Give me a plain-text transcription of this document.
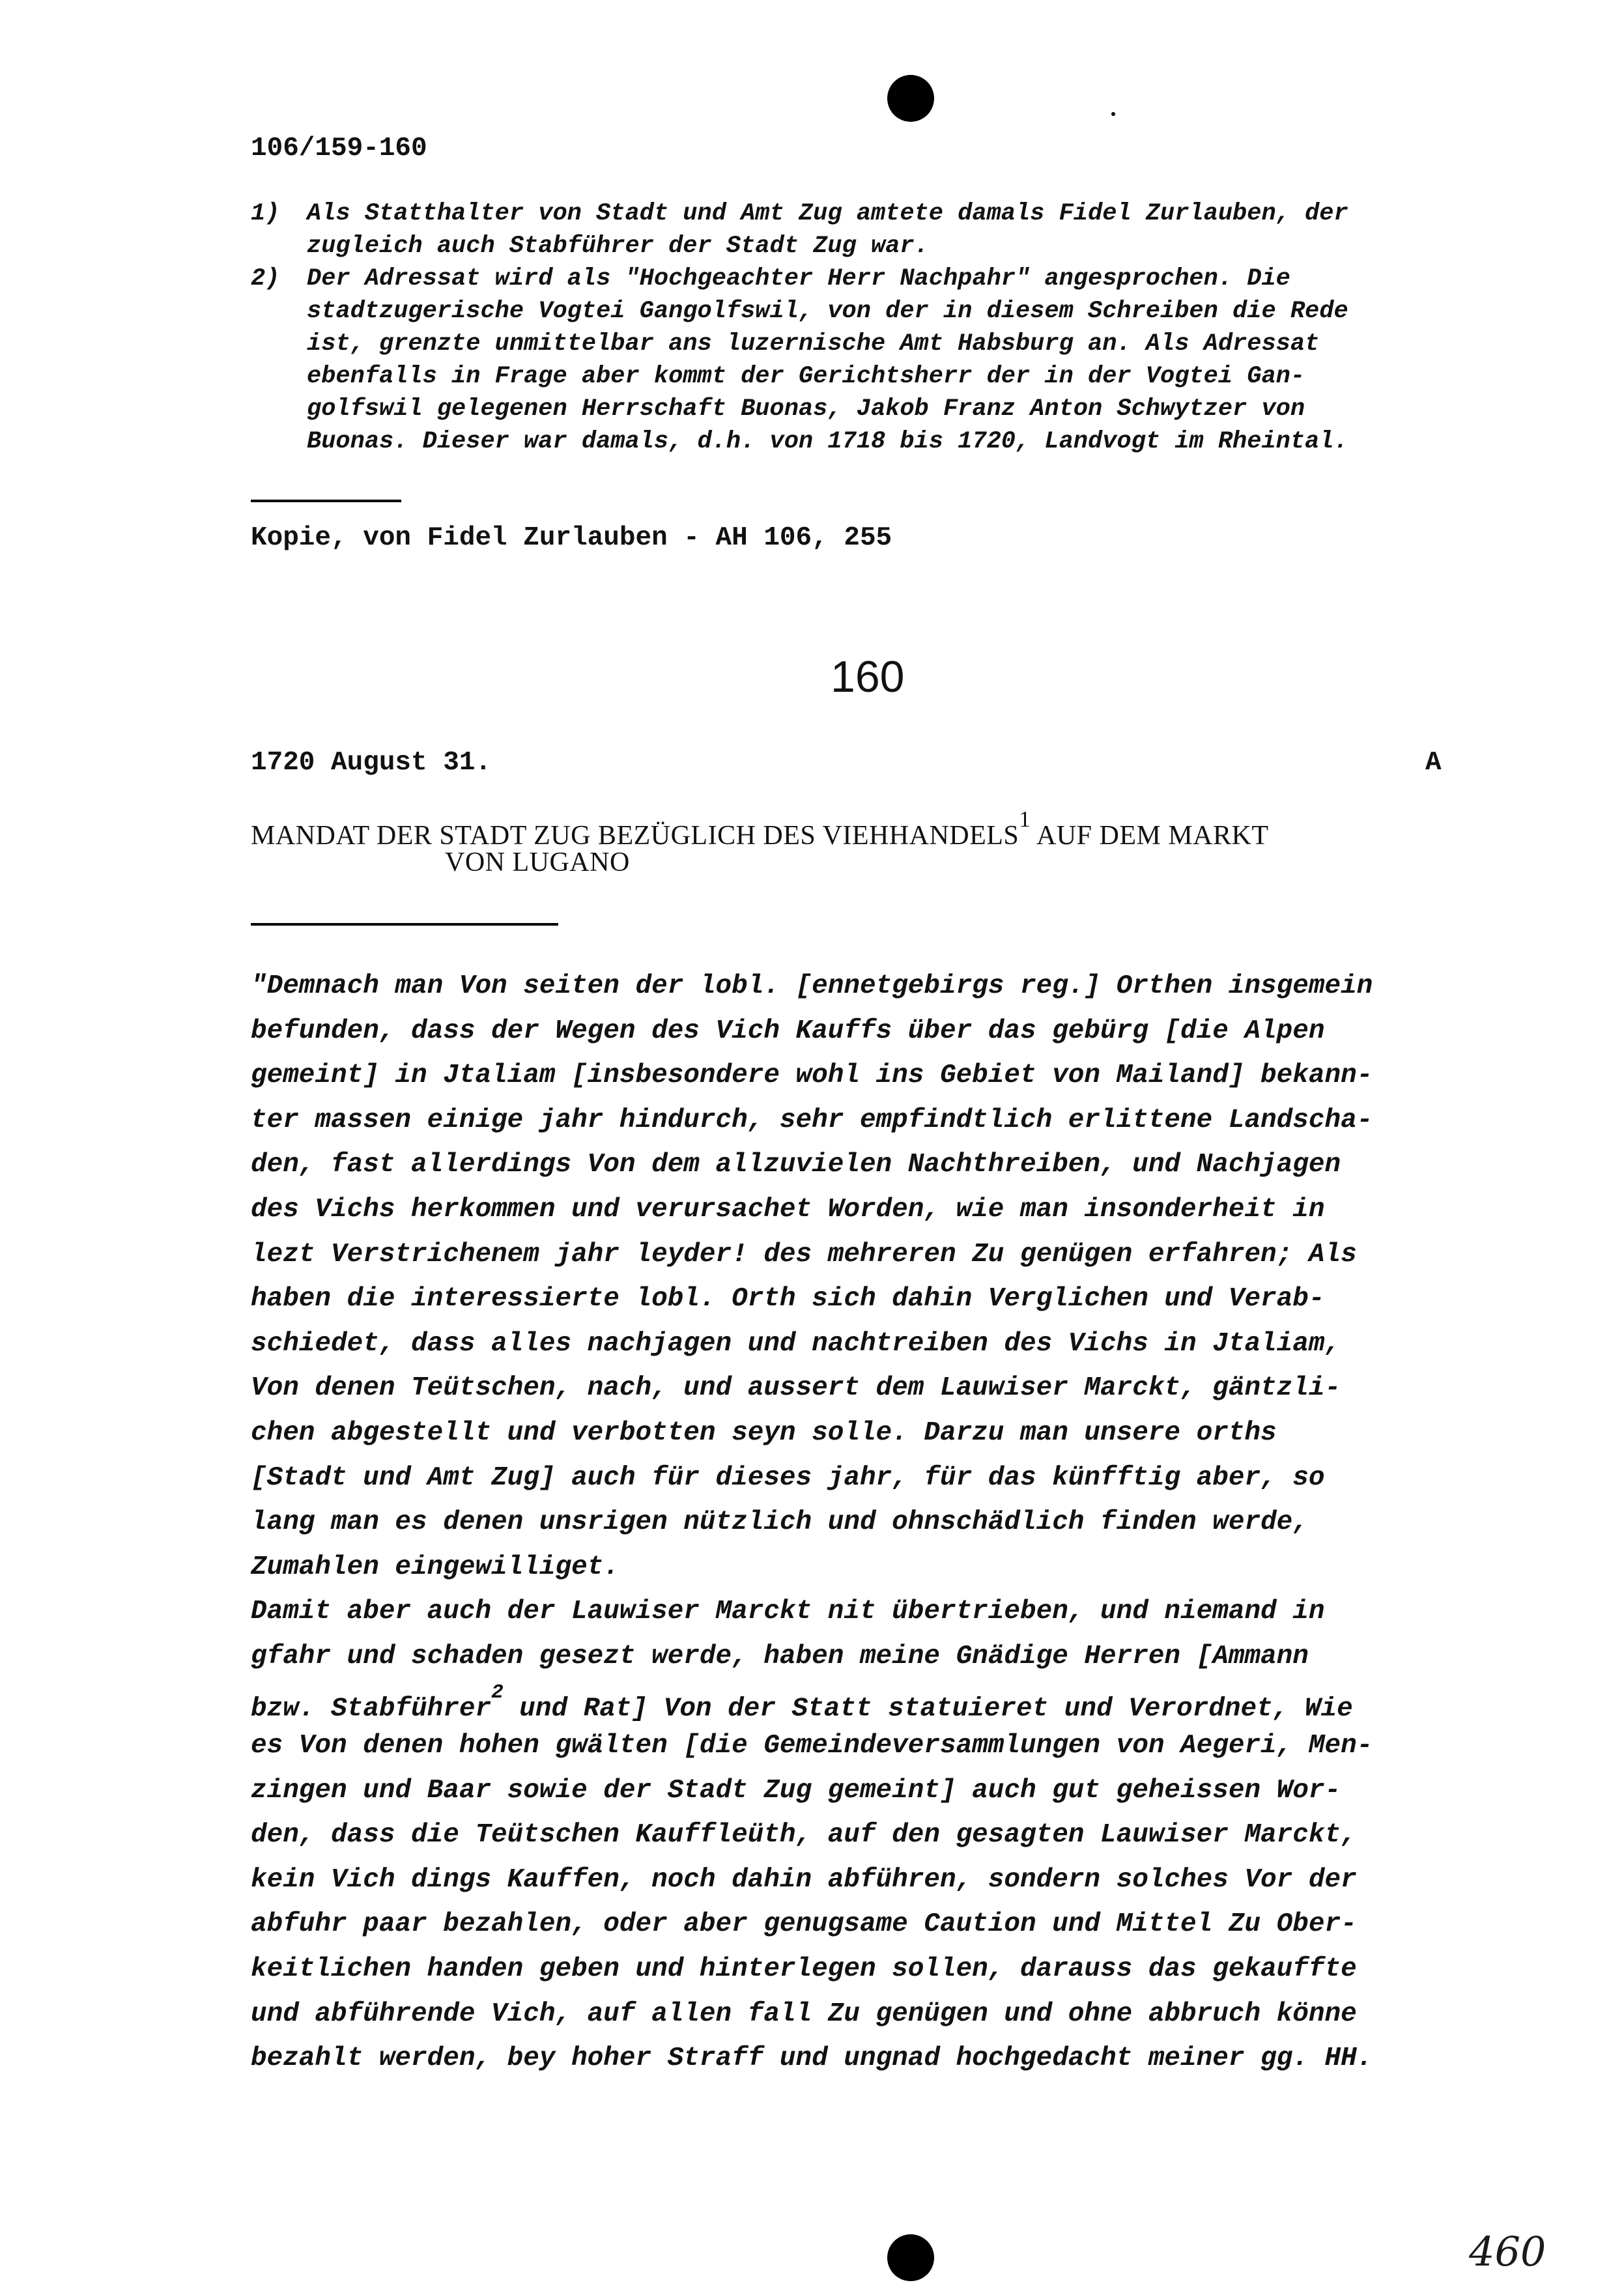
106/159-160
1) Als Statthalter von Stadt und Amt Zug amtete damals Fidel Zurlauben, der
zugleich auch Stabführer der Stadt Zug war.
2) Der Adressat wird als "Hochgeachter Herr Nachpahr" angesprochen. Die
stadtzugerische Vogtei Gangolfswil, von der in diesem Schreiben die Rede
ist, grenzte unmittelbar ans luzernische Amt Habsburg an. Als Adressat
ebenfalls in Frage aber kommt der Gerichtsherr der in der Vogtei Gan-
golfswil gelegenen Herrschaft Buonas, Jakob Franz Anton Schwytzer von
Buonas. Dieser war damals, d.h. von 1718 bis 1720, Landvogt im Rheintal.
Kopie, von Fidel Zurlauben - AH 106, 255
160
1720 August 31.	A
MANDAT DER STADT ZUG BEZÜGLICH DES VIEHHANDELS$^1$ AUF DEM MARKT
VON LUGANO
"Demnach man Von seiten der lobl. [ennetgebirgs reg.] Orthen insgemein
befunden, dass der Wegen des Vich Kauffs über das gebürg [die Alpen
gemeint] in Jtaliam [insbesondere wohl ins Gebiet von Mailand] bekann-
ter massen einige jahr hindurch, sehr empfindtlich erlittene Landscha-
den, fast allerdings Von dem allzuvielen Nachthreiben, und Nachjagen
des Vichs herkommen und verursachet Worden, wie man insonderheit in
lezt Verstrichenem jahr leyder! des mehreren Zu genügen erfahren; Als
haben die interessierte lobl. Orth sich dahin Verglichen und Verab-
schiedet, dass alles nachjagen und nachtreiben des Vichs in Jtaliam,
Von denen Teütschen, nach, und aussert dem Lauwiser Marckt, gäntzli-
chen abgestellt und verbotten seyn solle. Darzu man unsere orths
[Stadt und Amt Zug] auch für dieses jahr, für das künfftig aber, so
lang man es denen unsrigen nützlich und ohnschädlich finden werde,
Zumahlen eingewilliget.
Damit aber auch der Lauwiser Marckt nit übertrieben, und niemand in
gfahr und schaden gesezt werde, haben meine Gnädige Herren [Ammann
bzw. Stabführer$^2$ und Rat] Von der Statt statuieret und Verordnet, Wie
es Von denen hohen gwälten [die Gemeindeversammlungen von Aegeri, Men-
zingen und Baar sowie der Stadt Zug gemeint] auch gut geheissen Wor-
den, dass die Teütschen Kauffleüth, auf den gesagten Lauwiser Marckt,
kein Vich dings Kauffen, noch dahin abführen, sondern solches Vor der
abfuhr paar bezahlen, oder aber genugsame Caution und Mittel Zu Ober-
keitlichen handen geben und hinterlegen sollen, darauss das gekauffte
und abführende Vich, auf allen fall Zu genügen und ohne abbruch könne
bezahlt werden, bey hoher Straff und ungnad hochgedacht meiner gg. HH.
460
